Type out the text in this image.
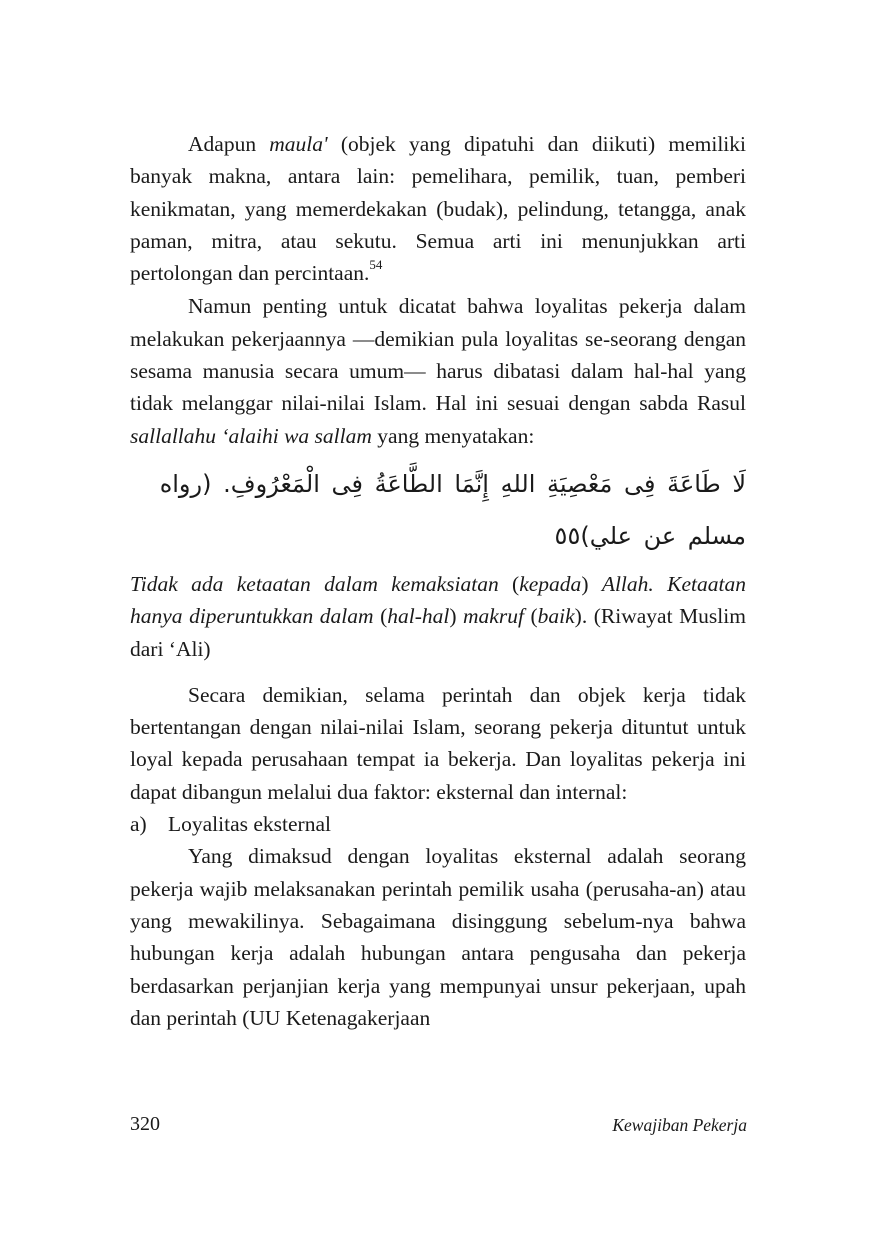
Adapun maula' (objek yang dipatuhi dan diikuti) memiliki banyak makna, antara lain: pemelihara, pemilik, tuan, pemberi kenikmatan, yang memerdekakan (budak), pelindung, tetangga, anak paman, mitra, atau sekutu. Semua arti ini menunjukkan arti pertolongan dan percintaan.$^{54}$

Namun penting untuk dicatat bahwa loyalitas pekerja dalam melakukan pekerjaannya —demikian pula loyalitas se-seorang dengan sesama manusia secara umum— harus dibatasi dalam hal-hal yang tidak melanggar nilai-nilai Islam. Hal ini sesuai dengan sabda Rasul sallallahu ‘alaihi wa sallam yang menyatakan:

لَا طَاعَةَ فِى مَعْصِيَةِ اللهِ إِنَّمَا الطَّاعَةُ فِى الْمَعْرُوفِ. (رواه مسلم عن علي)٥٥

Tidak ada ketaatan dalam kemaksiatan (kepada) Allah. Ketaatan hanya diperuntukkan dalam (hal-hal) makruf (baik). (Riwayat Muslim dari ‘Ali)

Secara demikian, selama perintah dan objek kerja tidak bertentangan dengan nilai-nilai Islam, seorang pekerja dituntut untuk loyal kepada perusahaan tempat ia bekerja. Dan loyalitas pekerja ini dapat dibangun melalui dua faktor: eksternal dan internal:

a) Loyalitas eksternal

Yang dimaksud dengan loyalitas eksternal adalah seorang pekerja wajib melaksanakan perintah pemilik usaha (perusaha-an) atau yang mewakilinya. Sebagaimana disinggung sebelum-nya bahwa hubungan kerja adalah hubungan antara pengusaha dan pekerja berdasarkan perjanjian kerja yang mempunyai unsur pekerjaan, upah dan perintah (UU Ketenagakerjaan

320	Kewajiban Pekerja
